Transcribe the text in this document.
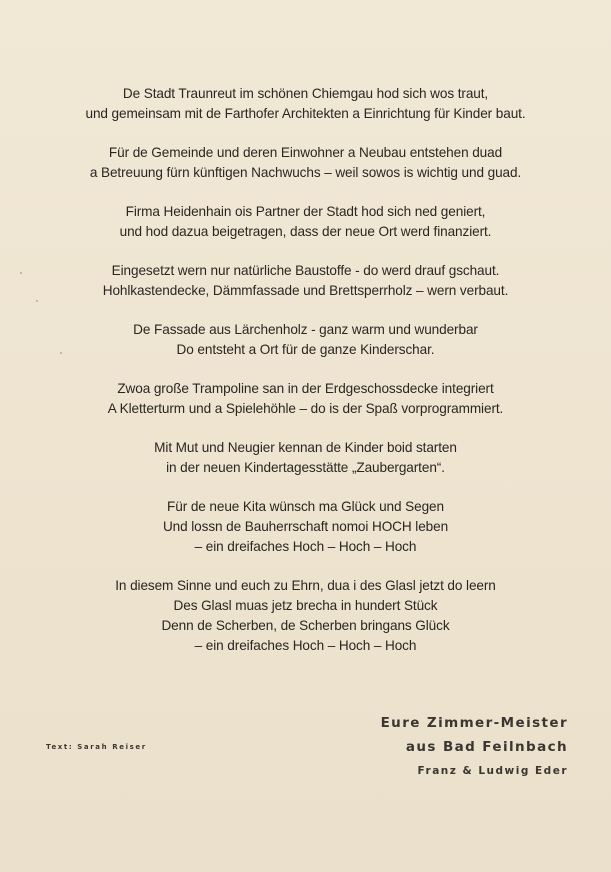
De Stadt Traunreut im schönen Chiemgau hod sich wos traut,
und gemeinsam mit de Farthofer Architekten a Einrichtung für Kinder baut.
Für de Gemeinde und deren Einwohner a Neubau entstehen duad
a Betreuung fürn künftigen Nachwuchs – weil sowos is wichtig und guad.
Firma Heidenhain ois Partner der Stadt hod sich ned geniert,
und hod dazua beigetragen, dass der neue Ort werd finanziert.
Eingesetzt wern nur natürliche Baustoffe - do werd drauf gschaut.
Hohlkastendecke, Dämmfassade und Brettsperrholz – wern verbaut.
De Fassade aus Lärchenholz - ganz warm und wunderbar
Do entsteht a Ort für de ganze Kinderschar.
Zwoa große Trampoline san in der Erdgeschossdecke integriert
A Kletterturm und a Spielehöhle – do is der Spaß vorprogrammiert.
Mit Mut und Neugier kennan de Kinder boid starten
in der neuen Kindertagesstätte „Zaubergarten“.
Für de neue Kita wünsch ma Glück und Segen
Und lossn de Bauherrschaft nomoi HOCH leben
– ein dreifaches Hoch – Hoch – Hoch
In diesem Sinne und euch zu Ehrn, dua i des Glasl jetzt do leern
Des Glasl muas jetz brecha in hundert Stück
Denn de Scherben, de Scherben bringans Glück
– ein dreifaches Hoch – Hoch – Hoch
Eure Zimmer-Meister
aus Bad Feilnbach
Franz & Ludwig Eder
Text: Sarah Reiser
